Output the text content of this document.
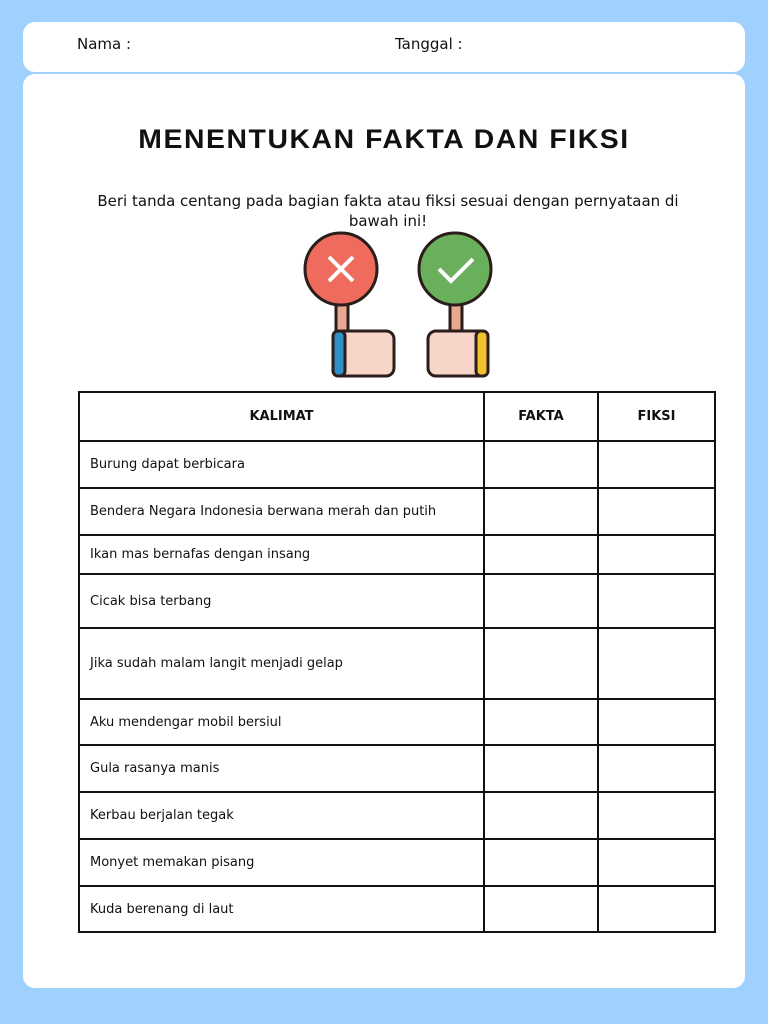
Nama :	Tanggal :
MENENTUKAN FAKTA DAN FIKSI
Beri tanda centang pada bagian fakta atau fiksi sesuai dengan pernyataan di bawah ini!
KALIMAT	FAKTA	FIKSI
Burung dapat berbicara		
Bendera Negara Indonesia berwana merah dan putih		
Ikan mas bernafas dengan insang		
Cicak bisa terbang		
Jika sudah malam langit menjadi gelap		
Aku mendengar mobil bersiul		
Gula rasanya manis		
Kerbau berjalan tegak		
Monyet memakan pisang		
Kuda berenang di laut		
